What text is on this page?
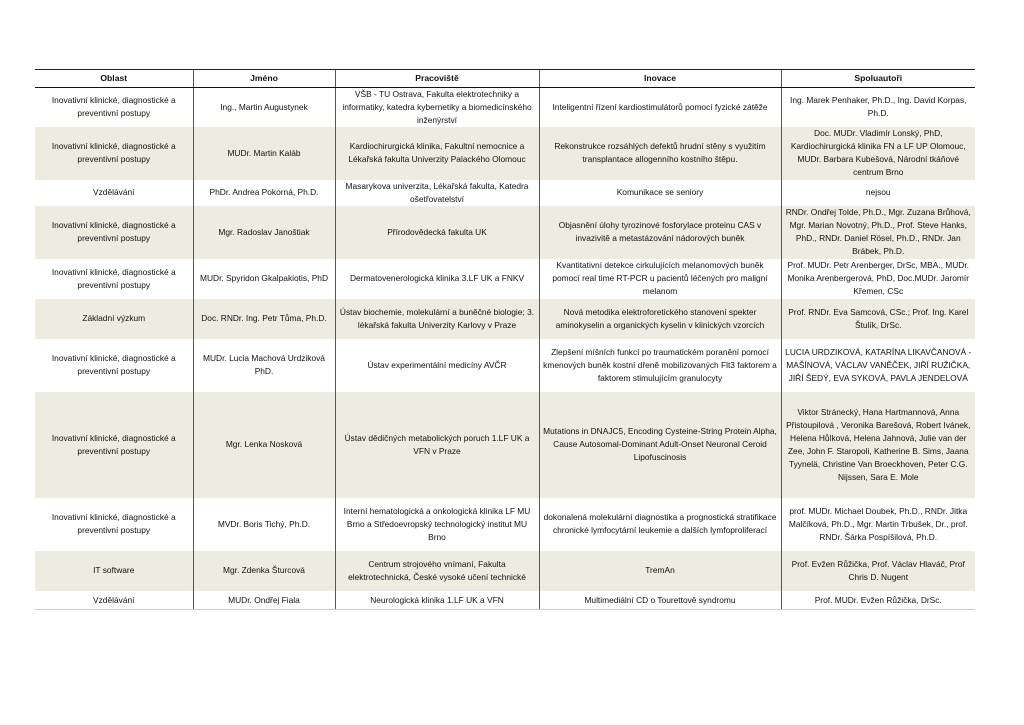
Oblast	Jméno	Pracoviště	Inovace	Spoluautoři
Inovativní klinické, diagnostické a preventivní postupy	Ing., Martin Augustynek	VŠB - TU Ostrava, Fakulta elektrotechniky a informatiky, katedra kybernetiky a biomedicínského inženýrství	Inteligentní řízení kardiostimulátorů pomocí fyzické zátěže	Ing. Marek Penhaker, Ph.D., Ing. David Korpas, Ph.D.
Inovativní klinické, diagnostické a preventivní postupy	MUDr. Martin Kaláb	Kardiochirurgická klinika, Fakultní nemocnice a Lékařská fakulta Univerzity Palackého Olomouc	Rekonstrukce rozsáhlých defektů hrudní stěny s využitím transplantace allogenního kostního štěpu.	Doc. MUDr. Vladimír Lonský, PhD, Kardiochirurgická klinika FN a LF UP Olomouc, MUDr. Barbara Kubešová, Národní tkáňové centrum Brno
Vzdělávání	PhDr. Andrea Pokorná, Ph.D.	Masarykova univerzita, Lékařská fakulta, Katedra ošetřovatelství	Komunikace se seniory	nejsou
Inovativní klinické, diagnostické a preventivní postupy	Mgr. Radoslav Janoštiak	Přírodovědecká fakulta UK	Objasnění úlohy tyrozinové fosforylace proteinu CAS v invazivitě a metastázování nádorových buněk	RNDr. Ondřej Tolde, Ph.D., Mgr. Zuzana Brůhová, Mgr. Marian Novotný, Ph.D., Prof. Steve Hanks, PhD., RNDr. Daniel Rösel, Ph.D., RNDr. Jan Brábek, Ph.D.
Inovativní klinické, diagnostické a preventivní postupy	MUDr. Spyridon Gkalpakiotis, PhD	Dermatovenerologická klinika 3.LF UK a FNKV	Kvantitativní detekce cirkulujících melanomových buněk pomocí real time RT-PCR u pacientů léčených pro maligní melanom	Prof. MUDr. Petr Arenberger, DrSc, MBA., MUDr. Monika Arenbergerová, PhD, Doc.MUDr. Jaromír Křemen, CSc
Základní výzkum	Doc. RNDr. Ing. Petr Tůma, Ph.D.	Ústav biochemie, molekulární a buněčné biologie; 3. lékařská fakulta Univerzity Karlovy v Praze	Nová metodika elektroforetického stanovení spekter aminokyselin a organických kyselin v klinických vzorcích	Prof. RNDr. Eva Samcová, CSc.; Prof. Ing. Karel Štulík, DrSc.
Inovativní klinické, diagnostické a preventivní postupy	MUDr. Lucia Machová Urdziková PhD.	Ústav experimentální medicíny AVČR	Zlepšení míšních funkcí po traumatickém poranění pomocí kmenových buněk kostní dřeně mobilizovaných Flt3 faktorem a faktorem stimulujícím granulocyty	LUCIA URDZIKOVÁ, KATARÍNA LIKAVČANOVÁ - MAŠÍNOVÁ, VÁCLAV VANĚČEK, JIŘÍ RUŽIČKA, JIŘÍ ŠEDÝ, EVA SYKOVÁ, PAVLA JENDELOVÁ
Inovativní klinické, diagnostické a preventivní postupy	Mgr. Lenka Nosková	Ústav dědičných metabolických poruch 1.LF UK a VFN v Praze	Mutations in DNAJC5, Encoding Cysteine-String Protein Alpha, Cause Autosomal-Dominant Adult-Onset Neuronal Ceroid Lipofuscinosis	Viktor Stránecký, Hana Hartmannová, Anna Přistoupilová , Veronika Barešová, Robert Ivánek, Helena Hůlková, Helena Jahnová, Julie van der Zee, John F. Staropoli, Katherine B. Sims, Jaana Tyynelä, Christine Van Broeckhoven, Peter C.G. Nijssen, Sara E. Mole
Inovativní klinické, diagnostické a preventivní postupy	MVDr. Boris Tichý, Ph.D.	Interní hematologická a onkologická klinika LF MU Brno a Středoevropský technologický institut MU Brno	dokonalená molekulární diagnostika a prognostická stratifikace chronické lymfocytární leukemie a dalších lymfoproliferací	prof. MUDr. Michael Doubek, Ph.D., RNDr. Jitka Malčíková, Ph.D., Mgr. Martin Trbušek, Dr., prof. RNDr. Šárka Pospíšilová, Ph.D.
IT software	Mgr. Zdenka Šturcová	Centrum strojového vnímaní, Fakulta elektrotechnická, České vysoké učení technické	TremAn	Prof. Evžen Růžička, Prof. Václav Hlaváč, Prof Chris D. Nugent
Vzdělávání	MUDr. Ondřej Fiala	Neurologická klinika 1.LF UK a VFN	Multimediální CD o Tourettově syndromu	Prof. MUDr. Evžen Růžička, DrSc.
